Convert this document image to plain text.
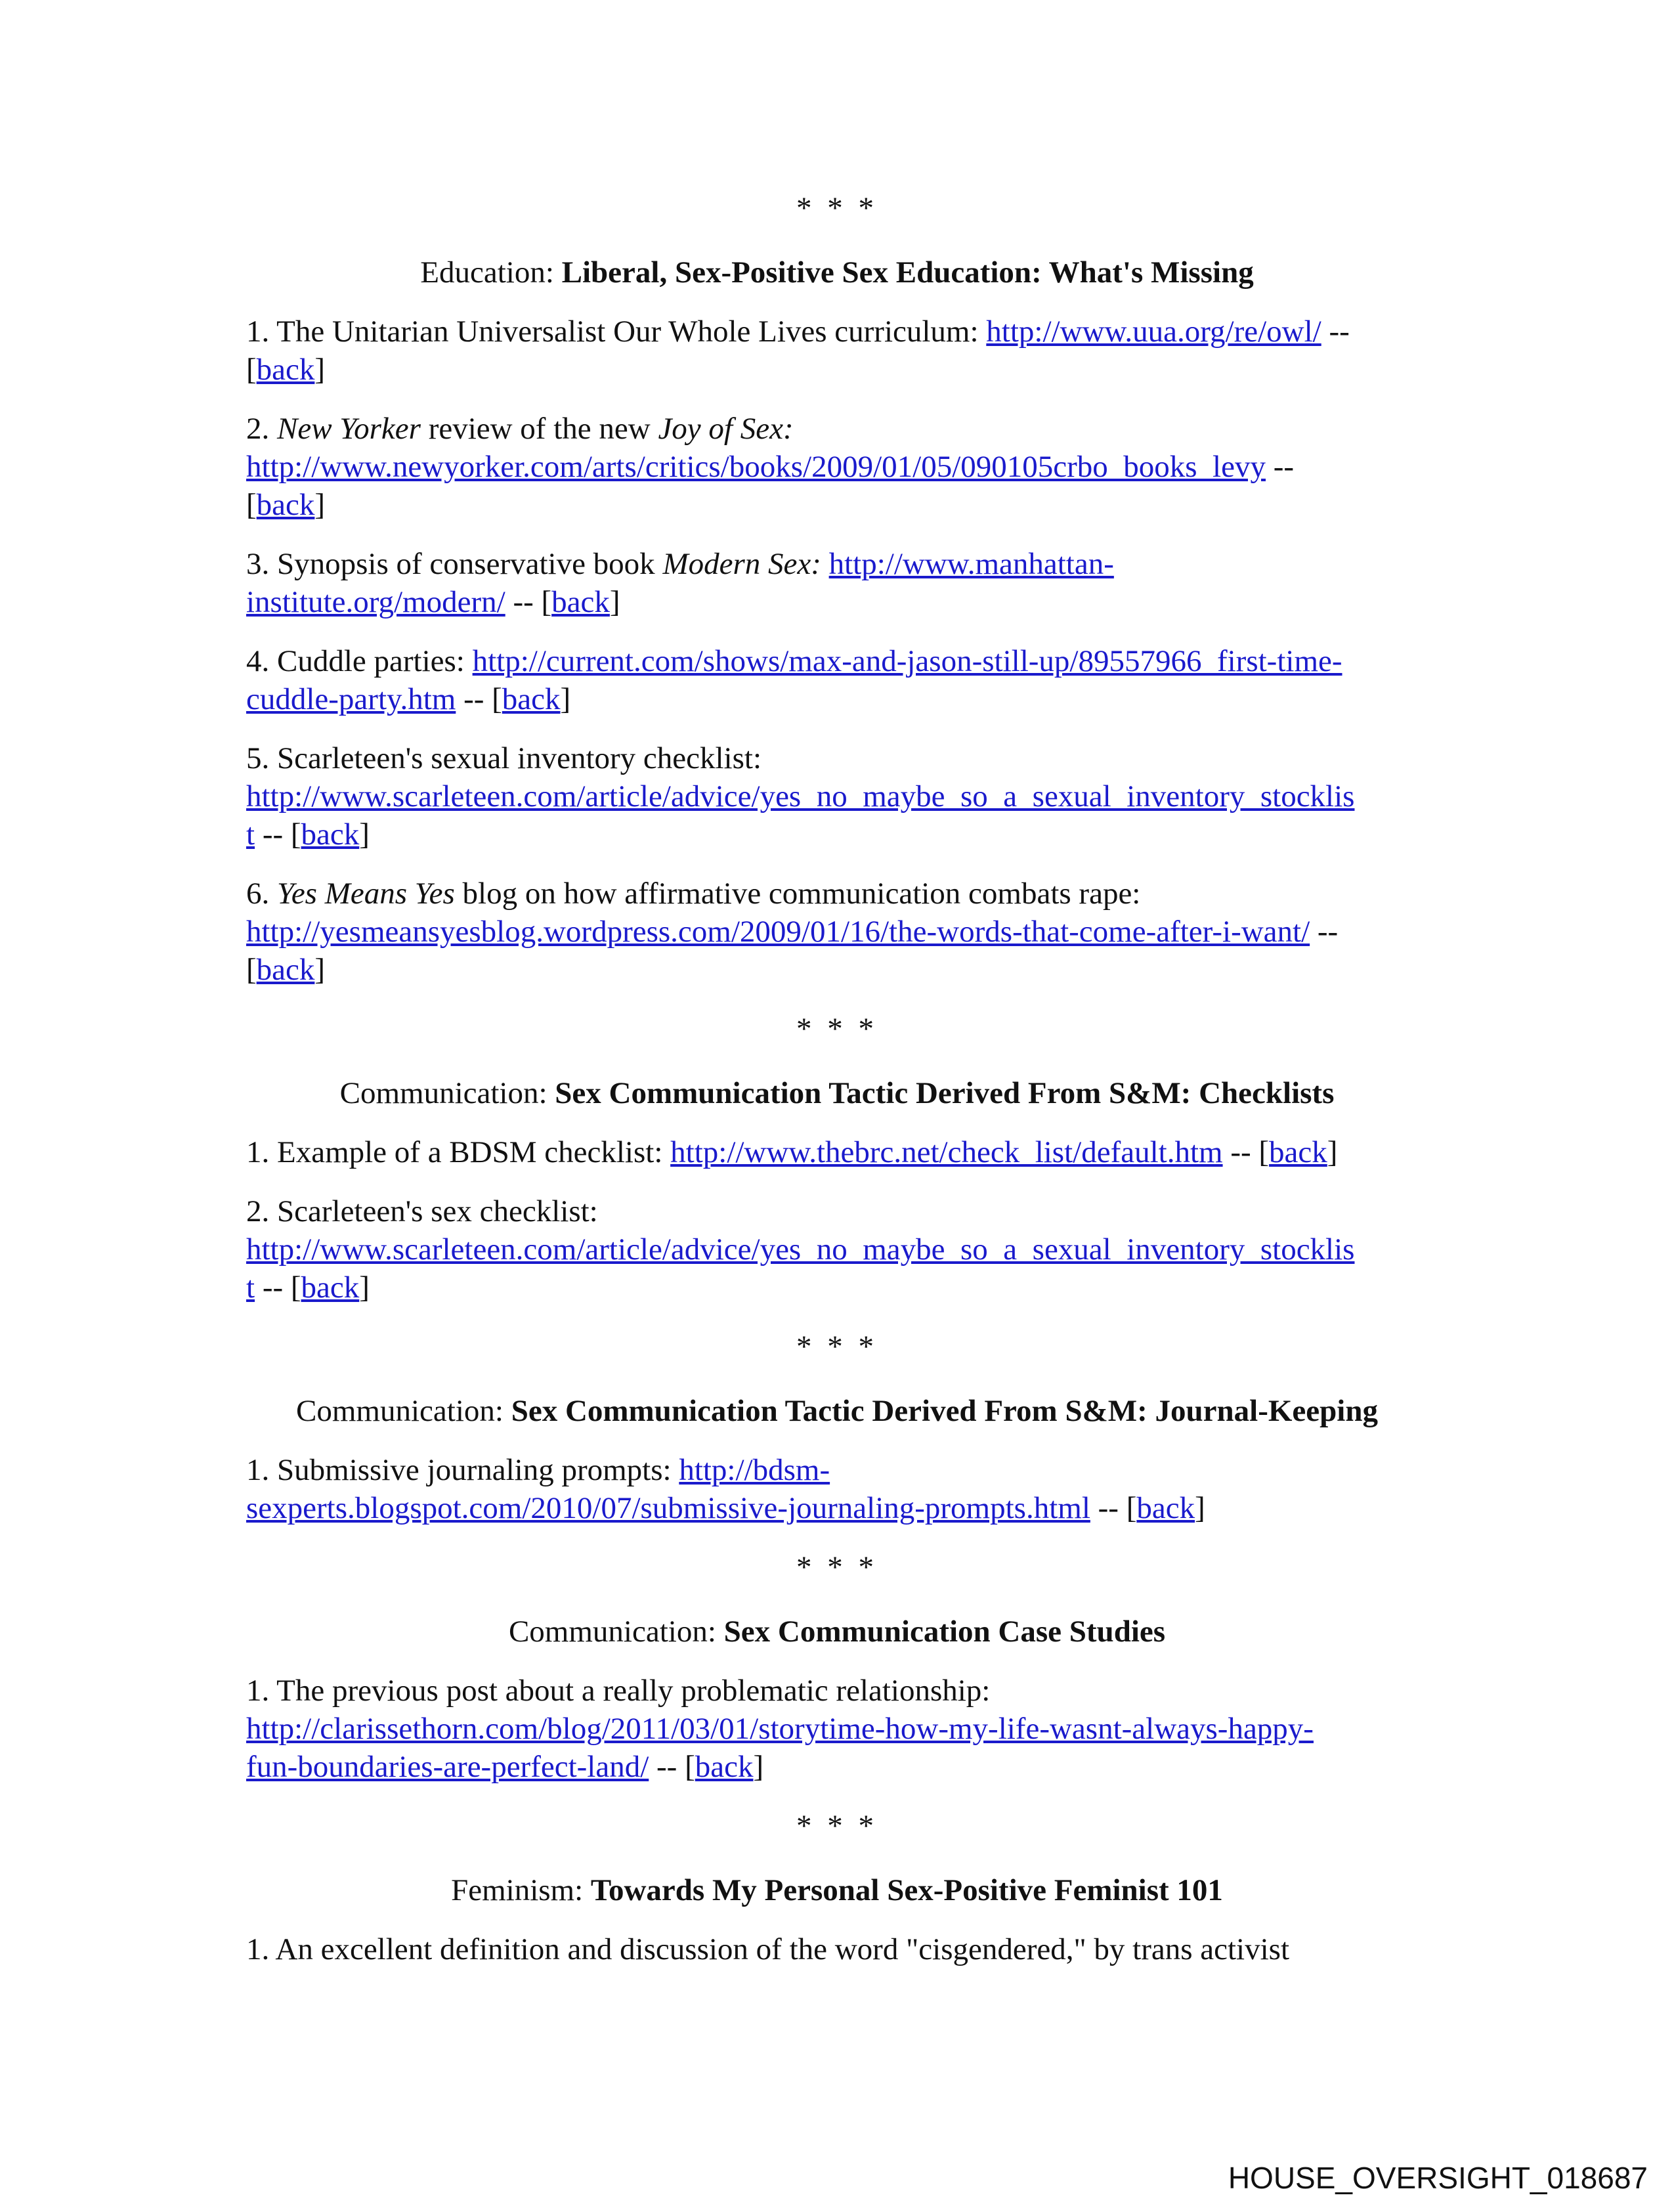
* * *
Education: Liberal, Sex-Positive Sex Education: What's Missing
1. The Unitarian Universalist Our Whole Lives curriculum: http://www.uua.org/re/owl/ --
[back]
2. New Yorker review of the new Joy of Sex:
http://www.newyorker.com/arts/critics/books/2009/01/05/090105crbo_books_levy --
[back]
3. Synopsis of conservative book Modern Sex: http://www.manhattan-
institute.org/modern/ -- [back]
4. Cuddle parties: http://current.com/shows/max-and-jason-still-up/89557966_first-time-
cuddle-party.htm -- [back]
5. Scarleteen's sexual inventory checklist:
http://www.scarleteen.com/article/advice/yes_no_maybe_so_a_sexual_inventory_stocklis
t -- [back]
6. Yes Means Yes blog on how affirmative communication combats rape:
http://yesmeansyesblog.wordpress.com/2009/01/16/the-words-that-come-after-i-want/ --
[back]
* * *
Communication: Sex Communication Tactic Derived From S&M: Checklists
1. Example of a BDSM checklist: http://www.thebrc.net/check_list/default.htm -- [back]
2. Scarleteen's sex checklist:
http://www.scarleteen.com/article/advice/yes_no_maybe_so_a_sexual_inventory_stocklis
t -- [back]
* * *
Communication: Sex Communication Tactic Derived From S&M: Journal-Keeping
1. Submissive journaling prompts: http://bdsm-
sexperts.blogspot.com/2010/07/submissive-journaling-prompts.html -- [back]
* * *
Communication: Sex Communication Case Studies
1. The previous post about a really problematic relationship:
http://clarissethorn.com/blog/2011/03/01/storytime-how-my-life-wasnt-always-happy-
fun-boundaries-are-perfect-land/ -- [back]
* * *
Feminism: Towards My Personal Sex-Positive Feminist 101
1. An excellent definition and discussion of the word "cisgendered," by trans activist
HOUSE_OVERSIGHT_018687
